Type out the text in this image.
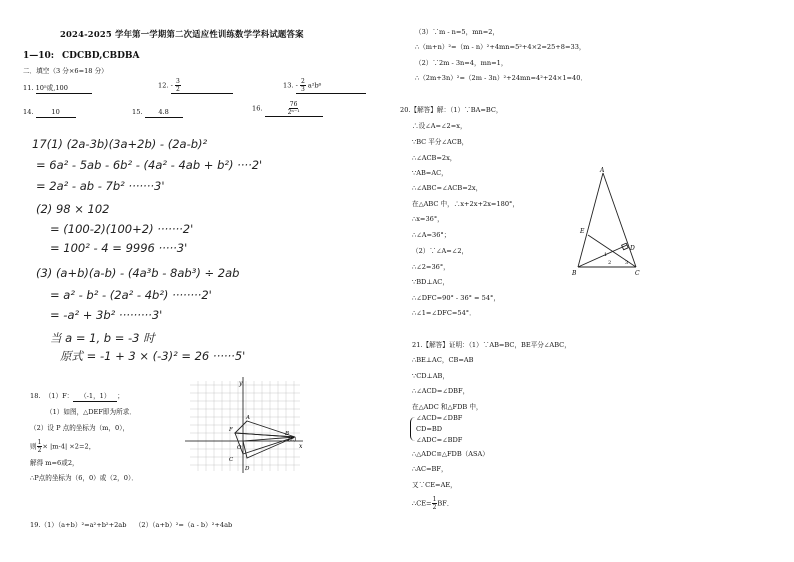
2024-2025 学年第一学期第二次适应性训练数学学科试题答案
1—10: CDCBD,CBDBA
二．填空（3 分×6=18 分）
11. 10⁵或,100	12. - $\frac{3}{2}$	13. - $\frac{2}{3} a^2b^6$
14.	10	15. 4.8	16.	$\frac{76}{\text{2ⁿ⁻¹}}$
17(1) (2a-3b)(3a+2b) - (2a-b)²
= 6a² - 5ab - 6b² - (4a² - 4ab + b²) ····2'
= 2a² - ab - 7b² ·······3'
(2) 98 × 102
= (100-2)(100+2) ·······2'
= 100² - 4 = 9996 ·····3'
(3) (a+b)(a-b) - (4a³b - 8ab³) ÷ 2ab
= a² - b² - (2a² - 4b²) ········2'
= -a² + 3b² ·········3'
当 a = 1, b = -3 时
原式 = -1 + 3 × (-3)² = 26 ······5'
18. （1）F： （-1，1） ；
（1）如图，△DEF即为所求．
（2）设 P 点的坐标为（m，0），
则 $\frac{1}{2} \times |m-4| \times 2=2$，
解得 m=6或2，
∴P点的坐标为（6，0）或（2，0）．
19.（1）（a+b）²=a²+b²+2ab （2）（a+b）²=（a - b）²+4ab
y
x
A
F
O
C
D
B
(E)
（3）∵m - n=5，mn=2，
∴（m+n）²=（m - n）²+4mn=5²+4×2=25+8=33，
（2）∵2m - 3n=4，mn=1，
∴（2m+3n）²=（2m - 3n）²+24mn=4²+24×1=40．
20.【解答】解：（1）∵BA=BC，
∴设∠A=∠2=x，
∵BC 平分∠ACB，
∴∠ACB=2x，
∵AB=AC，
∴∠ABC=∠ACB=2x，
在△ABC 中，∴x+2x+2x=180°，
∴x=36°，
∴∠A=36°；
（2）∵∠A=∠2，
∴∠2=36°，
∵BD⊥AC，
∴∠DFC=90° - 36° = 54°，
∴∠1=∠DFC=54°．
A
E
D
B	C
1
2	3
21.【解答】证明：（1）∵AB=BC，BE平分∠ABC，
∴BE⊥AC，CB=AB
∵CD⊥AB，
∴∠ACD=∠DBF，
在△ADC 和△FDB 中，
∠ACD=∠DBF
CD=BD
∠ADC=∠BDF
∴△ADC≌△FDB（ASA）
∴AC=BF，
又∵CE=AE，
∴CE= $\frac{1}{2}$ BF．
